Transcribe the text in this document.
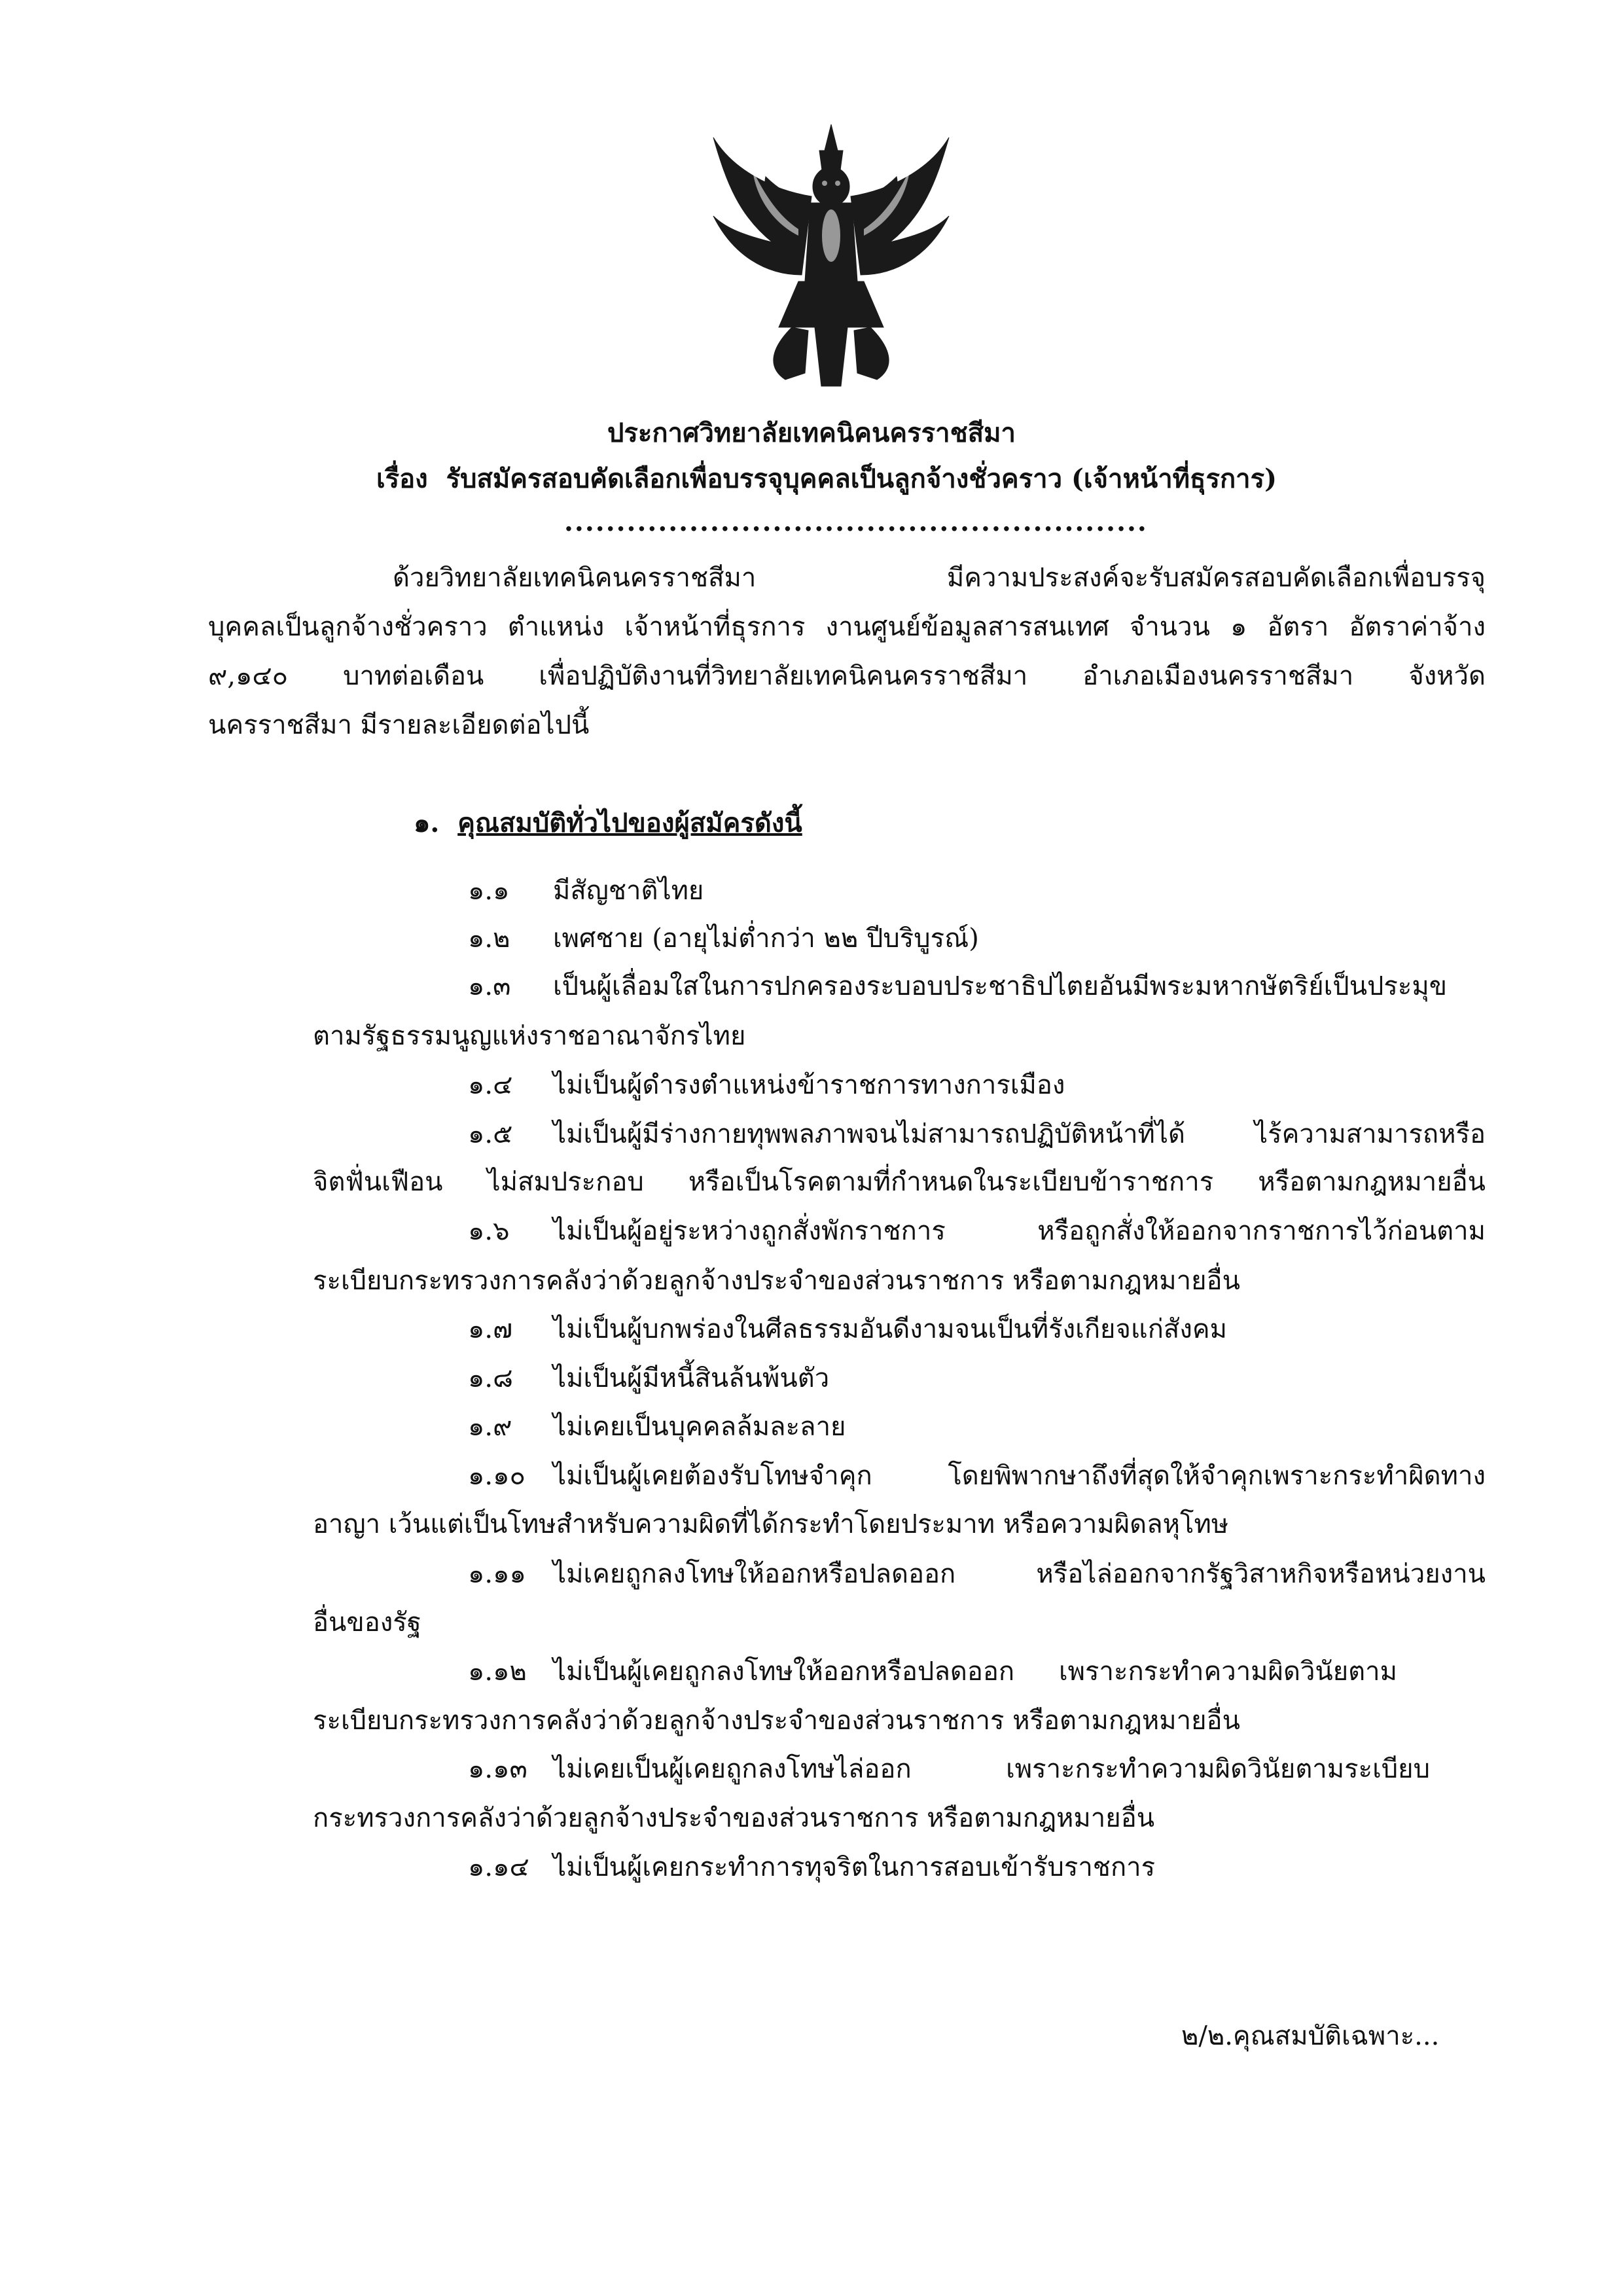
ประกาศวิทยาลัยเทคนิคนครราชสีมา
เรื่อง รับสมัครสอบคัดเลือกเพื่อบรรจุบุคคลเป็นลูกจ้างชั่วคราว (เจ้าหน้าที่ธุรการ)
........................................................
ด้วยวิทยาลัยเทคนิคนครราชสีมา มีความประสงค์จะรับสมัครสอบคัดเลือกเพื่อบรรจุ
บุคคลเป็นลูกจ้างชั่วคราว ตำแหน่ง เจ้าหน้าที่ธุรการ งานศูนย์ข้อมูลสารสนเทศ จำนวน ๑ อัตรา อัตราค่าจ้าง
๙,๑๔๐ บาทต่อเดือน เพื่อปฏิบัติงานที่วิทยาลัยเทคนิคนครราชสีมา อำเภอเมืองนครราชสีมา จังหวัด
นครราชสีมา มีรายละเอียดต่อไปนี้
๑. คุณสมบัติทั่วไปของผู้สมัครดังนี้
๑.๑ มีสัญชาติไทย
๑.๒ เพศชาย (อายุไม่ต่ำกว่า ๒๒ ปีบริบูรณ์)
๑.๓ เป็นผู้เลื่อมใสในการปกครองระบอบประชาธิปไตยอันมีพระมหากษัตริย์เป็นประมุข
ตามรัฐธรรมนูญแห่งราชอาณาจักรไทย
๑.๔ ไม่เป็นผู้ดำรงตำแหน่งข้าราชการทางการเมือง
๑.๕ ไม่เป็นผู้มีร่างกายทุพพลภาพจนไม่สามารถปฏิบัติหน้าที่ได้ ไร้ความสามารถหรือ
จิตฟั่นเฟือน ไม่สมประกอบ หรือเป็นโรคตามที่กำหนดในระเบียบข้าราชการ หรือตามกฎหมายอื่น
๑.๖ ไม่เป็นผู้อยู่ระหว่างถูกสั่งพักราชการ หรือถูกสั่งให้ออกจากราชการไว้ก่อนตาม
ระเบียบกระทรวงการคลังว่าด้วยลูกจ้างประจำของส่วนราชการ หรือตามกฎหมายอื่น
๑.๗ ไม่เป็นผู้บกพร่องในศีลธรรมอันดีงามจนเป็นที่รังเกียจแก่สังคม
๑.๘ ไม่เป็นผู้มีหนี้สินล้นพ้นตัว
๑.๙ ไม่เคยเป็นบุคคลล้มละลาย
๑.๑๐ ไม่เป็นผู้เคยต้องรับโทษจำคุก โดยพิพากษาถึงที่สุดให้จำคุกเพราะกระทำผิดทาง
อาญา เว้นแต่เป็นโทษสำหรับความผิดที่ได้กระทำโดยประมาท หรือความผิดลหุโทษ
๑.๑๑ ไม่เคยถูกลงโทษให้ออกหรือปลดออก หรือไล่ออกจากรัฐวิสาหกิจหรือหน่วยงาน
อื่นของรัฐ
๑.๑๒ ไม่เป็นผู้เคยถูกลงโทษให้ออกหรือปลดออก เพราะกระทำความผิดวินัยตาม
ระเบียบกระทรวงการคลังว่าด้วยลูกจ้างประจำของส่วนราชการ หรือตามกฎหมายอื่น
๑.๑๓ ไม่เคยเป็นผู้เคยถูกลงโทษไล่ออก เพราะกระทำความผิดวินัยตามระเบียบ
กระทรวงการคลังว่าด้วยลูกจ้างประจำของส่วนราชการ หรือตามกฎหมายอื่น
๑.๑๔ ไม่เป็นผู้เคยกระทำการทุจริตในการสอบเข้ารับราชการ
๒/๒.คุณสมบัติเฉพาะ...
